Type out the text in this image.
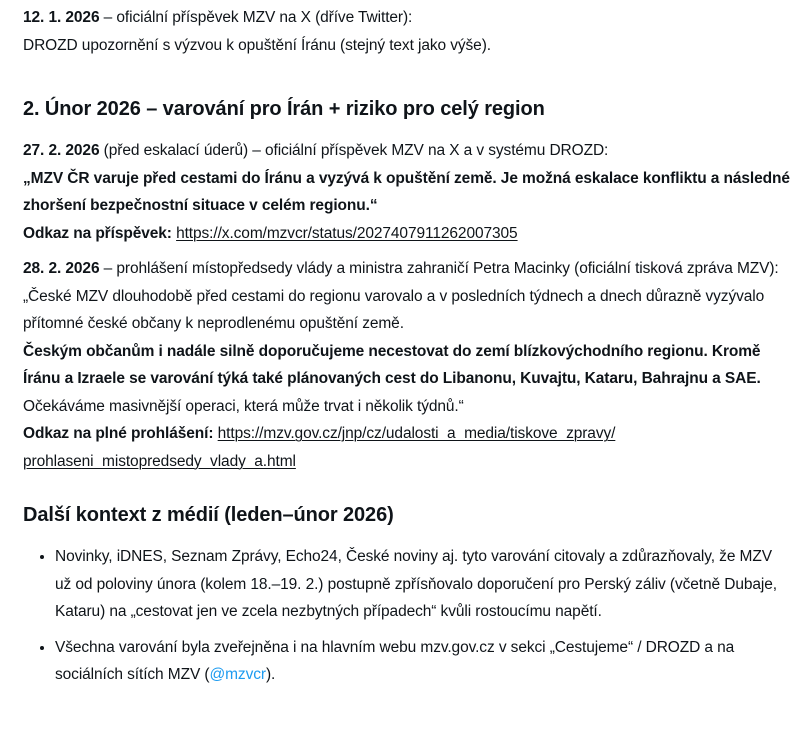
12. 1. 2026 – oficiální příspěvek MZV na X (dříve Twitter):

DROZD upozornění s výzvou k opuštění Íránu (stejný text jako výše).

2. Únor 2026 – varování pro Írán + riziko pro celý region

27. 2. 2026 (před eskalací úderů) – oficiální příspěvek MZV na X a v systému DROZD:

„MZV ČR varuje před cestami do Íránu a vyzývá k opuštění země. Je možná eskalace konfliktu a následné zhoršení bezpečnostní situace v celém regionu.“

Odkaz na příspěvek: https://x.com/mzvcr/status/2027407911262007305

28. 2. 2026 – prohlášení místopředsedy vlády a ministra zahraničí Petra Macinky (oficiální tisková zpráva MZV):

„České MZV dlouhodobě před cestami do regionu varovalo a v posledních týdnech a dnech důrazně vyzývalo přítomné české občany k neprodlenému opuštění země.

Českým občanům i nadále silně doporučujeme necestovat do zemí blízkovýchodního regionu. Kromě Íránu a Izraele se varování týká také plánovaných cest do Libanonu, Kuvajtu, Kataru, Bahrajnu a SAE.

Očekáváme masivnější operaci, která může trvat i několik týdnů.“

Odkaz na plné prohlášení: https://mzv.gov.cz/jnp/cz/udalosti_a_media/tiskove_zpravy/
prohlaseni_mistopredsedy_vlady_a.html

Další kontext z médií (leden–únor 2026)
• Novinky, iDNES, Seznam Zprávy, Echo24, České noviny aj. tyto varování citovaly a zdůrazňovaly, že MZV už od poloviny února (kolem 18.–19. 2.) postupně zpřísňovalo doporučení pro Perský záliv (včetně Dubaje, Kataru) na „cestovat jen ve zcela nezbytných případech“ kvůli rostoucímu napětí.
• Všechna varování byla zveřejněna i na hlavním webu mzv.gov.cz v sekci „Cestujeme“ / DROZD a na sociálních sítích MZV (@mzvcr).
